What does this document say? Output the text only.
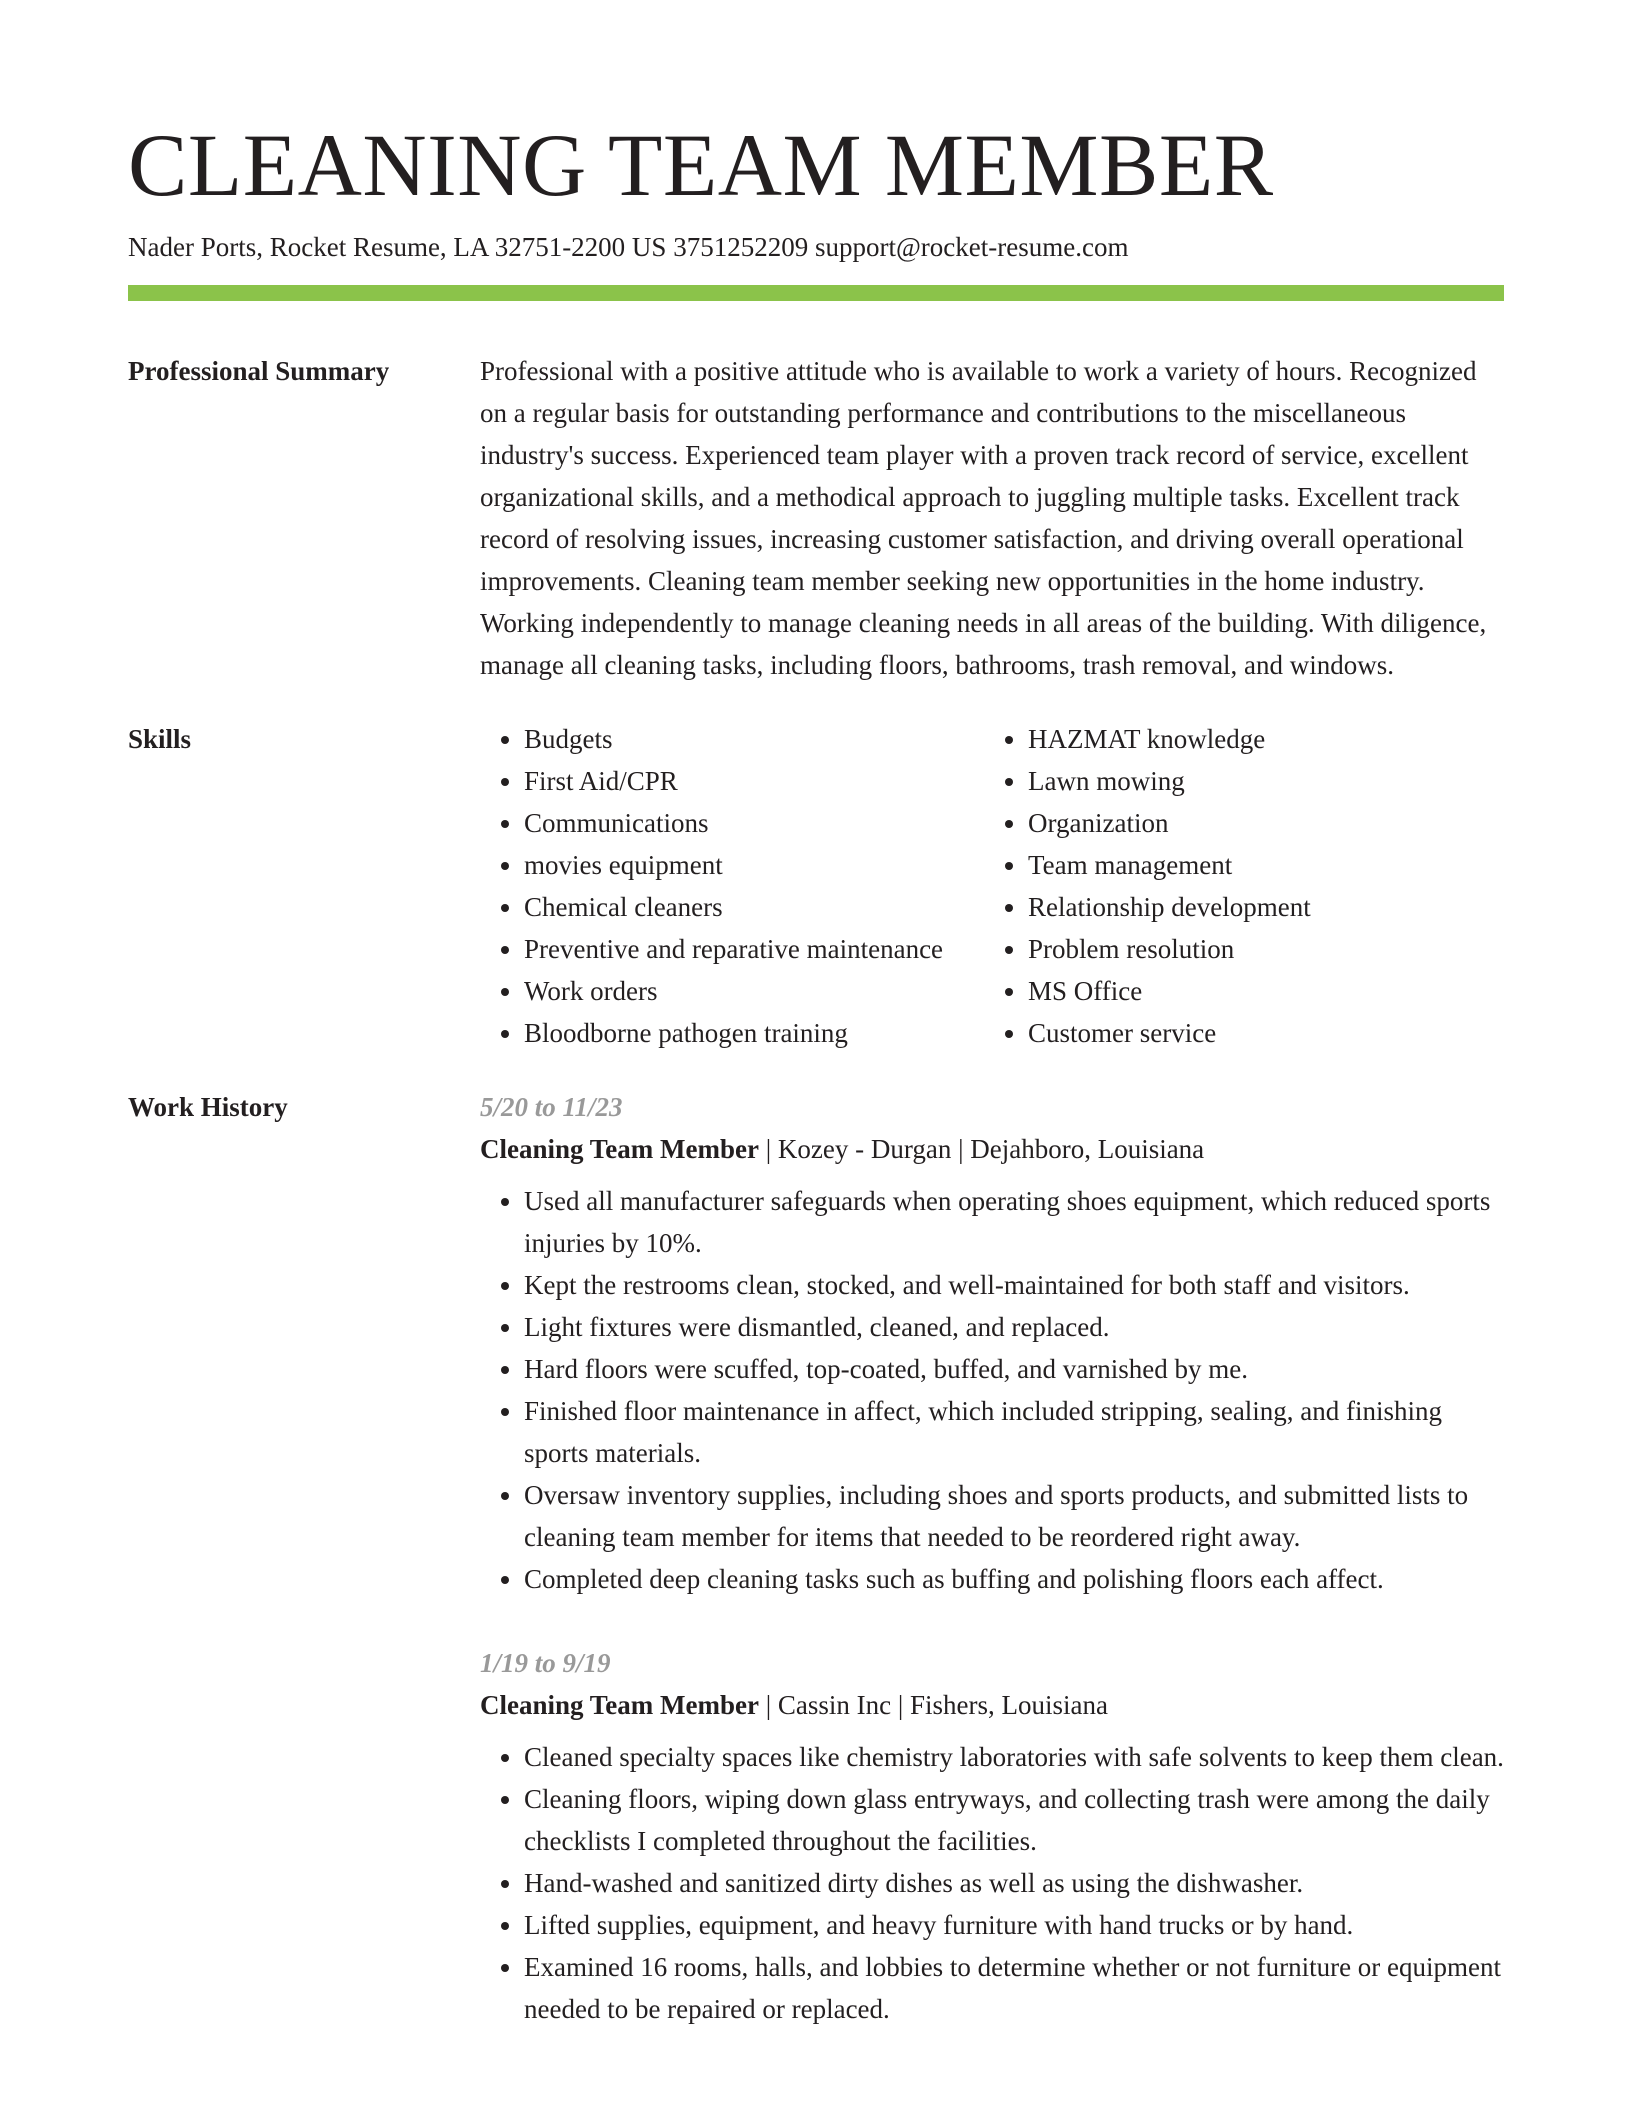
CLEANING TEAM MEMBER
Nader Ports, Rocket Resume, LA 32751-2200 US 3751252209 support@rocket-resume.com
Professional Summary	Professional with a positive attitude who is available to work a variety of hours. Recognized on a regular basis for outstanding performance and contributions to the miscellaneous industry's success. Experienced team player with a proven track record of service, excellent organizational skills, and a methodical approach to juggling multiple tasks. Excellent track record of resolving issues, increasing customer satisfaction, and driving overall operational improvements. Cleaning team member seeking new opportunities in the home industry. Working independently to manage cleaning needs in all areas of the building. With diligence, manage all cleaning tasks, including floors, bathrooms, trash removal, and windows.

Skills
•	Budgets
• First Aid/CPR
• Communications
• movies equipment
• Chemical cleaners
• Preventive and reparative maintenance
• Work orders
• Bloodborne pathogen training
• HAZMAT knowledge
• Lawn mowing
• Organization
• Team management
• Relationship development
• Problem resolution
• MS Office
• Customer service
Work History	5/20 to 11/23
Cleaning Team Member | Kozey - Durgan | Dejahboro, Louisiana
• Used all manufacturer safeguards when operating shoes equipment, which reduced sports injuries by 10%.
• Kept the restrooms clean, stocked, and well-maintained for both staff and visitors.
• Light fixtures were dismantled, cleaned, and replaced.
• Hard floors were scuffed, top-coated, buffed, and varnished by me.
• Finished floor maintenance in affect, which included stripping, sealing, and finishing sports materials.
• Oversaw inventory supplies, including shoes and sports products, and submitted lists to cleaning team member for items that needed to be reordered right away.
• Completed deep cleaning tasks such as buffing and polishing floors each affect.
1/19 to 9/19
Cleaning Team Member | Cassin Inc | Fishers, Louisiana
• Cleaned specialty spaces like chemistry laboratories with safe solvents to keep them clean.
• Cleaning floors, wiping down glass entryways, and collecting trash were among the daily checklists I completed throughout the facilities.
• Hand-washed and sanitized dirty dishes as well as using the dishwasher.
• Lifted supplies, equipment, and heavy furniture with hand trucks or by hand.
• Examined 16 rooms, halls, and lobbies to determine whether or not furniture or equipment needed to be repaired or replaced.
